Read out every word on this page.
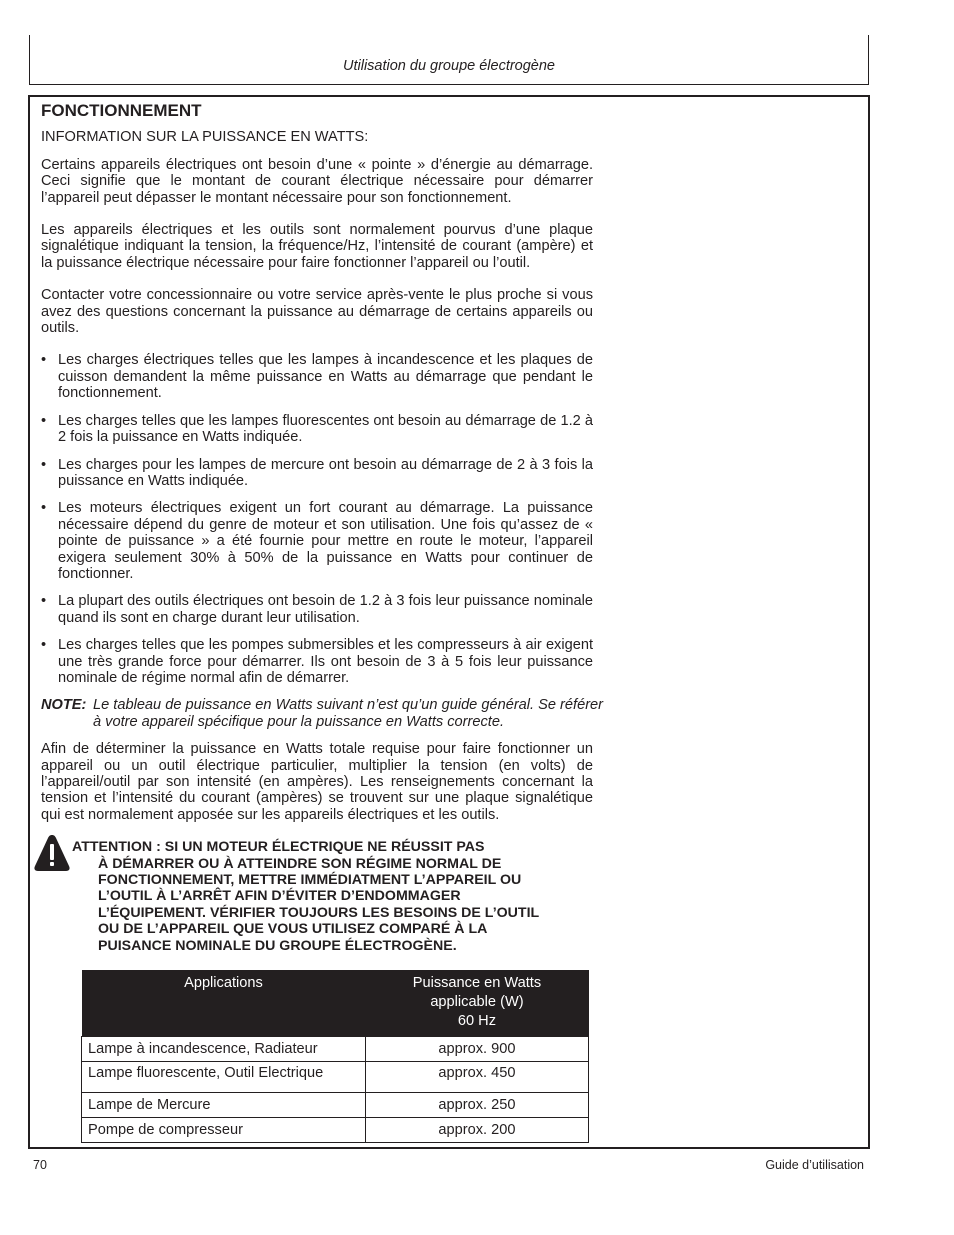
Utilisation du groupe électrogène
FONCTIONNEMENT
INFORMATION SUR LA PUISSANCE EN WATTS:

Certains appareils électriques ont besoin d’une « pointe » d’énergie au démarrage. Ceci signifie que le montant de courant électrique nécessaire pour démarrer l’appareil peut dépasser le montant nécessaire pour son fonctionnement.

Les appareils électriques et les outils sont normalement pourvus d’une plaque signalétique indiquant la tension, la fréquence/Hz, l’intensité de courant (ampère) et la puissance électrique nécessaire pour faire fonctionner l’appareil ou l’outil.

Contacter votre concessionnaire ou votre service après-vente le plus proche si vous avez des questions concernant la puissance au démarrage de certains appareils ou outils.

• Les charges électriques telles que les lampes à incandescence et les plaques de cuisson demandent la même puissance en Watts au démarrage que pendant le fonctionnement.
• Les charges telles que les lampes fluorescentes ont besoin au démarrage de 1.2 à 2 fois la puissance en Watts indiquée.
• Les charges pour les lampes de mercure ont besoin au démarrage de 2 à 3 fois la puissance en Watts indiquée.
• Les moteurs électriques exigent un fort courant au démarrage. La puissance nécessaire dépend du genre de moteur et son utilisation. Une fois qu’assez de « pointe de puissance » a été fournie pour mettre en route le moteur, l’appareil exigera seulement 30% à 50% de la puissance en Watts pour continuer de fonctionner.
• La plupart des outils électriques ont besoin de 1.2 à 3 fois leur puissance nominale quand ils sont en charge durant leur utilisation.
• Les charges telles que les pompes submersibles et les compresseurs à air exigent une très grande force pour démarrer. Ils ont besoin de 3 à 5 fois leur puissance nominale de régime normal afin de démarrer.
NOTE: Le tableau de puissance en Watts suivant n’est qu’un guide général. Se référer à votre appareil spécifique pour la puissance en Watts correcte.

Afin de déterminer la puissance en Watts totale requise pour faire fonctionner un appareil ou un outil électrique particulier, multiplier la tension (en volts) de l’appareil/outil par son intensité (en ampères). Les renseignements concernant la tension et l’intensité du courant (ampères) se trouvent sur une plaque signalétique qui est normalement apposée sur les appareils électriques et les outils.

ATTENTION : SI UN MOTEUR ÉLECTRIQUE NE RÉUSSIT PAS
À DÉMARRER OU À ATTEINDRE SON RÉGIME NORMAL DE
FONCTIONNEMENT, METTRE IMMÉDIATMENT L’APPAREIL OU
L’OUTIL À L’ARRÊT AFIN D’ÉVITER D’ENDOMMAGER
L’ÉQUIPEMENT. VÉRIFIER TOUJOURS LES BESOINS DE L’OUTIL
OU DE L’APPAREIL QUE VOUS UTILISEZ COMPARÉ À LA
PUISANCE NOMINALE DU GROUPE ÉLECTROGÈNE.
Applications	Puissance en Watts
applicable (W)
60 Hz
Lampe à incandescence, Radiateur	approx. 900
Lampe fluorescente, Outil Electrique	approx. 450
Lampe de Mercure	approx. 250
Pompe de compresseur	approx. 200
70	Guide d’utilisation
